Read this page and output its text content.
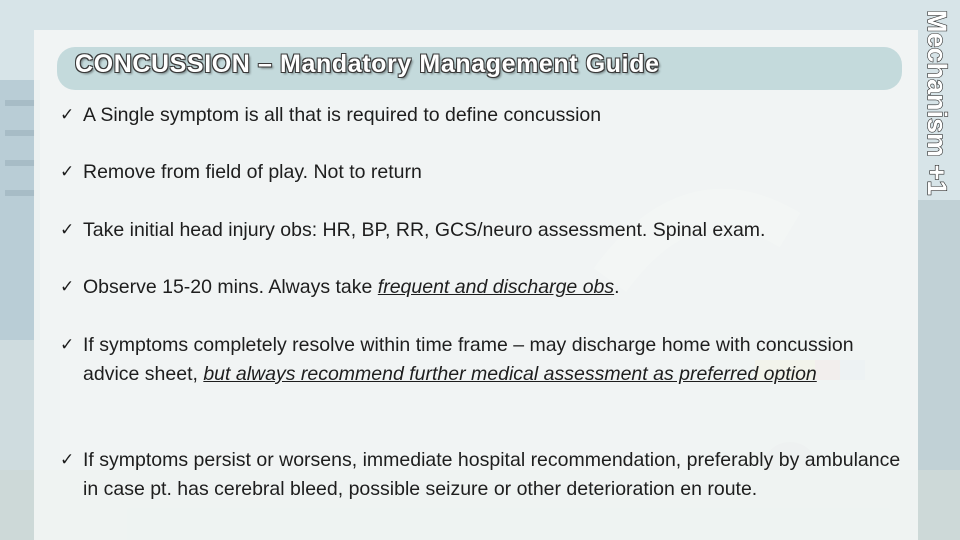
CONCUSSION – Mandatory Management Guide	Mechanism +1
✓ A Single symptom is all that is required to define concussion
✓ Remove from field of play. Not to return
✓ Take initial head injury obs: HR, BP, RR, GCS/neuro assessment. Spinal exam.
✓ Observe 15-20 mins. Always take frequent and discharge obs.
✓ If symptoms completely resolve within time frame – may discharge home with concussion advice sheet, but always recommend further medical assessment as preferred option
✓ If symptoms persist or worsens, immediate hospital recommendation, preferably by ambulance in case pt. has cerebral bleed, possible seizure or other deterioration en route.
